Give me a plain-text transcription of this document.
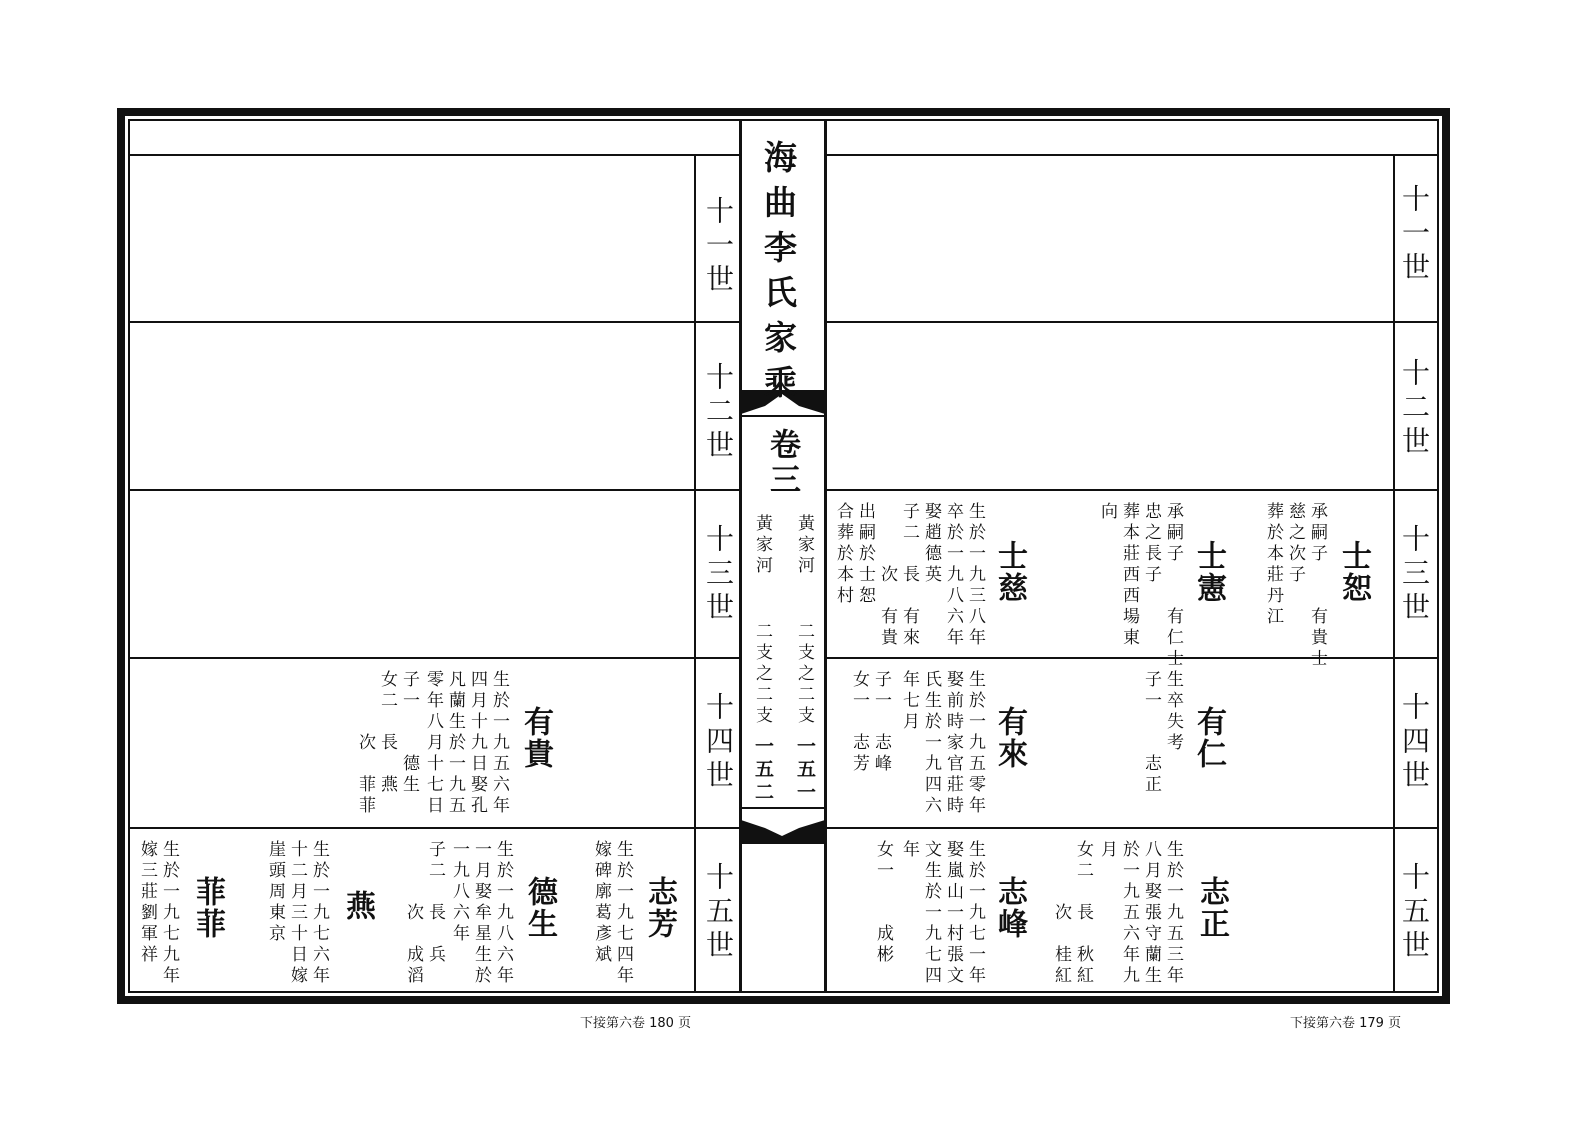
海曲李氏家乘
卷三
黃家河
二支之二支
一五一
黃家河
二支之二支
一五二
十一世
十二世
十三世
十四世
十五世
十一世
十二世
十三世
十四世
十五世
士恕
承嗣子　　有貴士
慈之次子
葬於本莊丹江
士憲
承嗣子　　有仁士
忠之長子
葬本莊西西場東
向
士慈
生於一九三八年
卒於一九八六年
娶趙德英
子二　長　有來
　　　次　有貴
出嗣於士恕
合葬於本村
有仁
生卒失考
子一　　志正
有來
生於一九五零年
娶前時家官莊時
氏生於一九四六
年七月
子一　志峰
女一　志芳
志正
生於一九五三年
八月娶張守蘭生
於一九五六年九
月
女二　長　秋紅
　　　次　桂紅
志峰
生於一九七一年
娶嵐山一村張文
文生於一九七四
年
女一　　成彬
有貴
生於一九五六年
四月十九日娶孔
凡蘭生於一九五
零年八月十七日
子一　　德生
女二　長　燕
　　　次　菲菲
志芳
生於一九七四年
嫁碑廓葛彥斌
德生
生於一九八六年
一月娶牟星生於
一九八六年
子二　長　兵
　　　次　成滔
燕
生於一九七六年
十二月三十日嫁
崖頭周東京
菲菲
生於一九七九年
嫁三莊劉軍祥
下接第六卷 180 页	下接第六卷 179 页
